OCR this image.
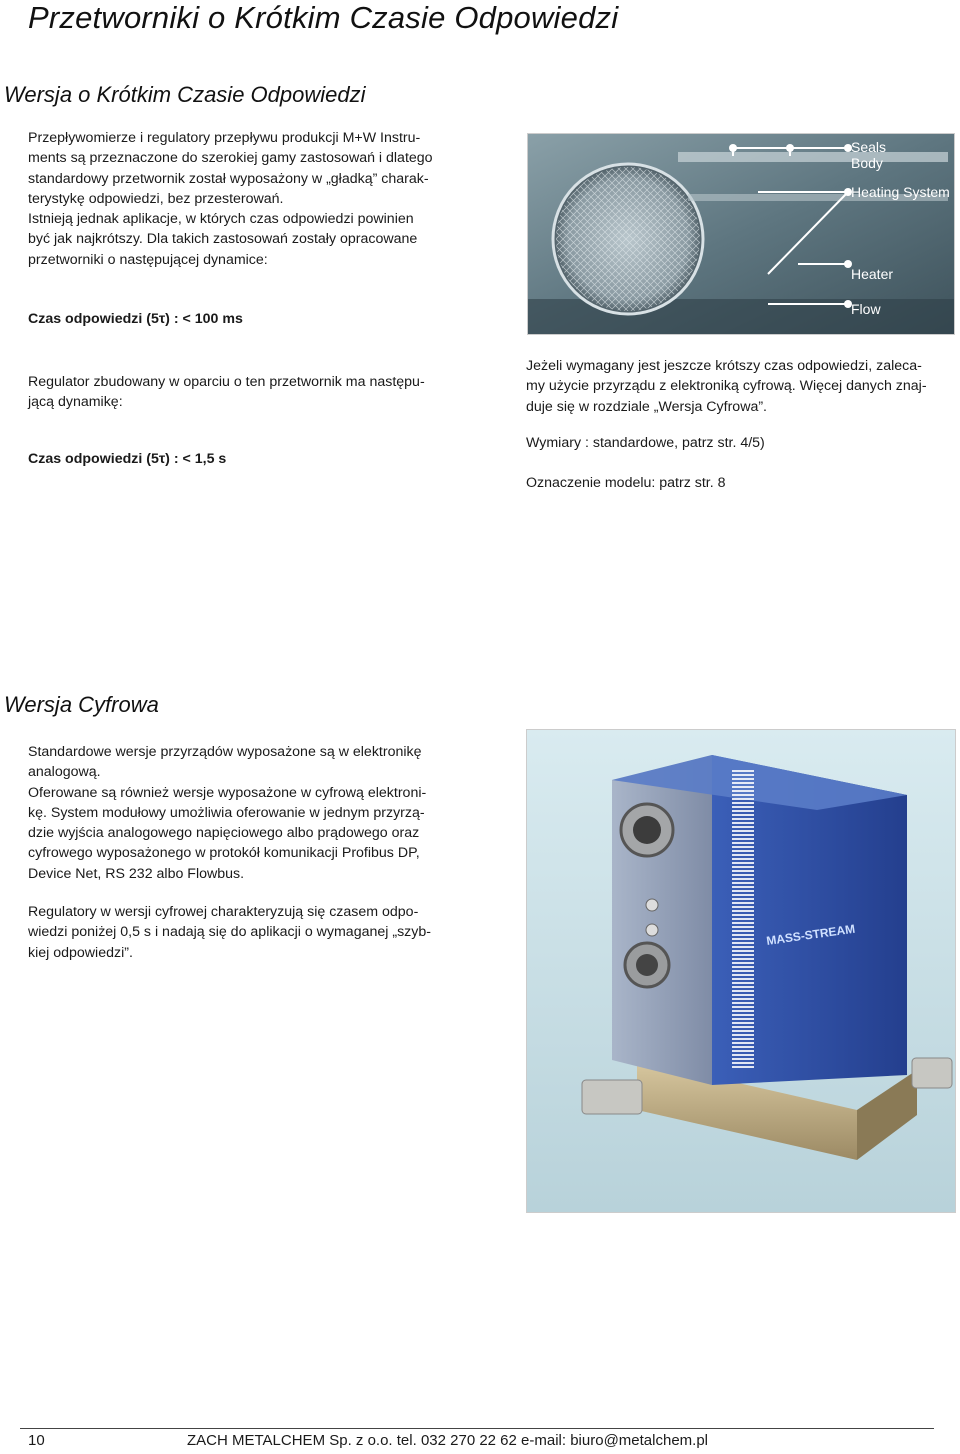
Przetworniki o Krótkim Czasie Odpowiedzi
Wersja o Krótkim Czasie Odpowiedzi

Przepływomierze i regulatory przepływu produkcji M+W Instru-

ments są przeznaczone do szerokiej gamy zastosowań i dlatego

standardowy przetwornik został wyposażony w „gładką” charak-

terystykę odpowiedzi, bez przesterowań.

Istnieją jednak aplikacje, w których czas odpowiedzi powinien

być jak najkrótszy. Dla takich zastosowań zostały opracowane

przetworniki o następującej dynamice:

Czas odpowiedzi (5τ) : < 100 ms

Regulator zbudowany w oparciu o ten przetwornik ma następu-

jącą dynamikę:

Czas odpowiedzi (5τ) : < 1,5 s
Seals
Body
Heating System
Heater
Flow

Jeżeli wymagany jest jeszcze krótszy czas odpowiedzi, zaleca-

my użycie przyrządu z elektroniką cyfrową. Więcej danych znaj-

duje się w rozdziale „Wersja Cyfrowa”.

Wymiary : standardowe, patrz str. 4/5)
Oznaczenie modelu: patrz str. 8
Wersja Cyfrowa

Standardowe wersje przyrządów wyposażone są w elektronikę

analogową.

Oferowane są również wersje wyposażone w cyfrową elektroni-

kę. System modułowy umożliwia oferowanie w jednym przyrzą-

dzie wyjścia analogowego napięciowego albo prądowego oraz

cyfrowego wyposażonego w protokół komunikacji Profibus DP,

Device Net, RS 232 albo Flowbus.

Regulatory w wersji cyfrowej charakteryzują się czasem odpo-

wiedzi poniżej 0,5 s i nadają się do aplikacji o wymaganej „szyb-

kiej odpowiedzi”.

MASS-STREAM
10	ZACH METALCHEM Sp. z o.o. tel. 032 270 22 62 e-mail: biuro@metalchem.pl
